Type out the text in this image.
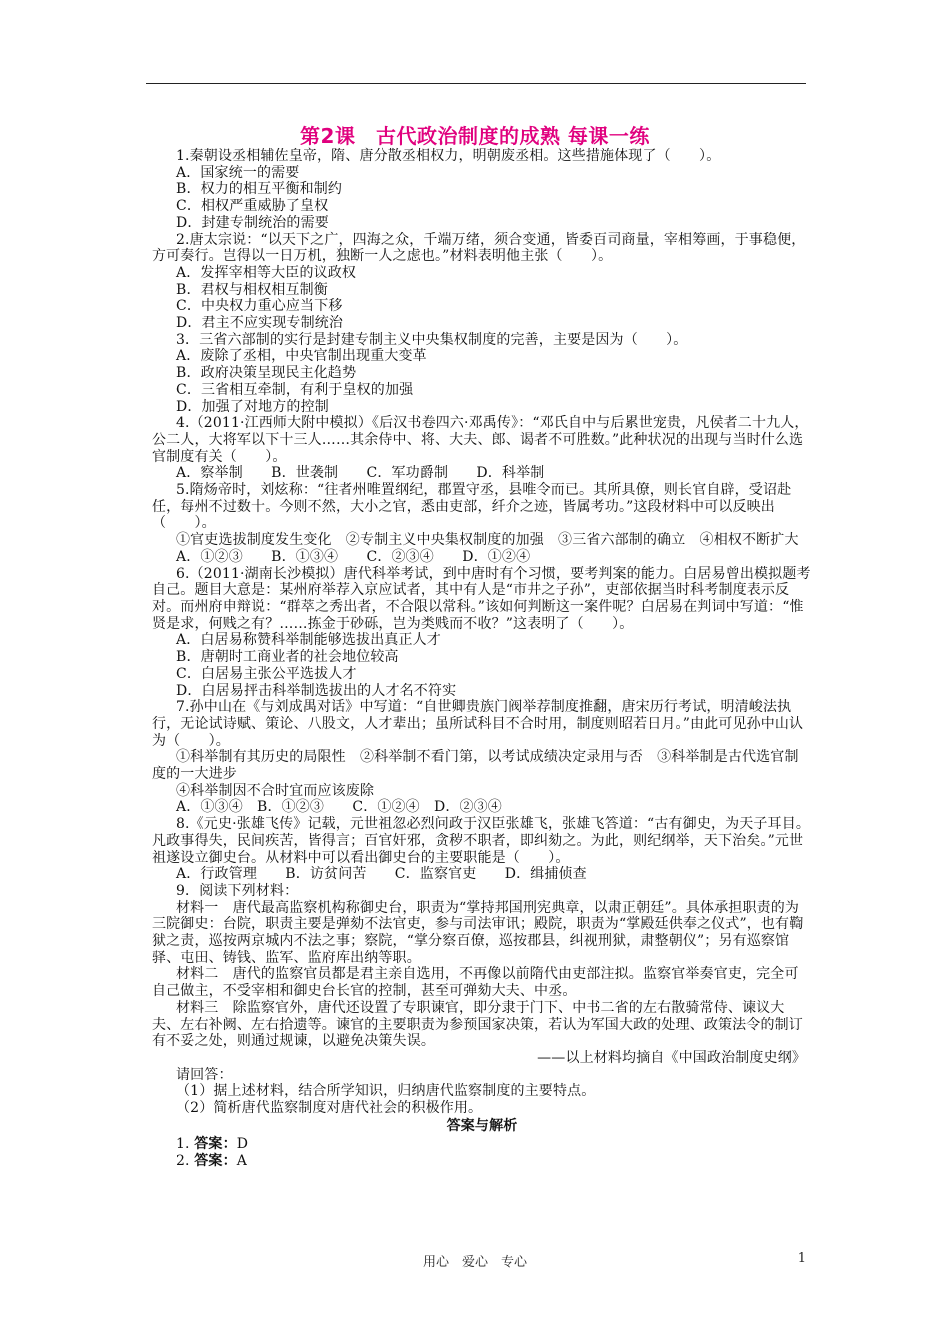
第2课　古代政治制度的成熟 每课一练

1.秦朝设丞相辅佐皇帝，隋、唐分散丞相权力，明朝废丞相。这些措施体现了（　　）。

A．国家统一的需要

B．权力的相互平衡和制约

C．相权严重威胁了皇权

D．封建专制统治的需要

2.唐太宗说：“以天下之广，四海之众，千端万绪，须合变通，皆委百司商量，宰相筹画，于事稳便，方可奏行。岂得以一日万机，独断一人之虑也。”材料表明他主张（　　）。

A．发挥宰相等大臣的议政权

B．君权与相权相互制衡

C．中央权力重心应当下移

D．君主不应实现专制统治

3．三省六部制的实行是封建专制主义中央集权制度的完善，主要是因为（　　）。

A．废除了丞相，中央官制出现重大变革

B．政府决策呈现民主化趋势

C．三省相互牵制，有利于皇权的加强

D．加强了对地方的控制

4.（2011·江西师大附中模拟）《后汉书卷四六·邓禹传》：“邓氏自中与后累世宠贵，凡侯者二十九人，公二人，大将军以下十三人……其余侍中、将、大夫、郎、谒者不可胜数。”此种状况的出现与当时什么选官制度有关（　　）。

A．察举制　　B．世袭制　　C．军功爵制　　D．科举制

5.隋炀帝时，刘炫称：“往者州唯置纲纪，郡置守丞，县唯令而已。其所具僚，则长官自辟，受诏赴任，每州不过数十。今则不然，大小之官，悉由吏部，纤介之迹，皆属考功。”这段材料中可以反映出（　　）。

①官吏选拔制度发生变化　②专制主义中央集权制度的加强　③三省六部制的确立　④相权不断扩大

A．①②③　　B．①③④　　C．②③④　　D．①②④

6.（2011·湖南长沙模拟）唐代科举考试，到中唐时有个习惯，要考判案的能力。白居易曾出模拟题考自己。题目大意是：某州府举荐入京应试者，其中有人是“市井之子孙”，吏部依据当时科考制度表示反对。而州府申辩说：“群萃之秀出者，不合限以常科。”该如何判断这一案件呢？白居易在判词中写道：“惟贤是求，何贱之有？……拣金于砂砾，岂为类贱而不收？”这表明了（　　）。

A．白居易称赞科举制能够选拔出真正人才

B．唐朝时工商业者的社会地位较高

C．白居易主张公平选拔人才

D．白居易抨击科举制选拔出的人才名不符实

7.孙中山在《与刘成禺对话》中写道：“自世卿贵族门阀举荐制度推翻，唐宋历行考试，明清峻法执行，无论试诗赋、策论、八股文，人才辈出；虽所试科目不合时用，制度则昭若日月。”由此可见孙中山认为（　　）。

①科举制有其历史的局限性　②科举制不看门第，以考试成绩决定录用与否　③科举制是古代选官制度的一大进步

④科举制因不合时宜而应该废除

A．①③④　B．①②③　　C．①②④　D．②③④

8.《元史·张雄飞传》记载，元世祖忽必烈问政于汉臣张雄飞，张雄飞答道：“古有御史，为天子耳目。凡政事得失，民间疾苦，皆得言；百官奸邪，贪秽不职者，即纠劾之。为此，则纪纲举，天下治矣。”元世祖遂设立御史台。从材料中可以看出御史台的主要职能是（　　）。

A．行政管理　　B．访贫问苦　　C．监察官吏　　D．缉捕侦查

9．阅读下列材料：

材料一　唐代最高监察机构称御史台，职责为“掌持邦国刑宪典章，以肃正朝廷”。具体承担职责的为三院御史：台院，职责主要是弹劾不法官吏，参与司法审讯；殿院，职责为“掌殿廷供奉之仪式”，也有鞫狱之责，巡按两京城内不法之事；察院，“掌分察百僚，巡按郡县，纠视刑狱，肃整朝仪”；另有巡察馆驿、屯田、铸钱、监军、监府库出纳等职。

材料二　唐代的监察官员都是君主亲自选用，不再像以前隋代由吏部注拟。监察官举奏官吏，完全可自己做主，不受宰相和御史台长官的控制，甚至可弹劾大夫、中丞。

材料三　除监察官外，唐代还设置了专职谏官，即分隶于门下、中书二省的左右散骑常侍、谏议大夫、左右补阙、左右拾遗等。谏官的主要职责为参预国家决策，若认为军国大政的处理、政策法令的制订有不妥之处，则通过规谏，以避免决策失误。

——以上材料均摘自《中国政治制度史纲》

请回答：

（1）据上述材料，结合所学知识，归纳唐代监察制度的主要特点。

（2）简析唐代监察制度对唐代社会的积极作用。

答案与解析

1. 答案：D

2. 答案：A

用心　爱心　专心	1
